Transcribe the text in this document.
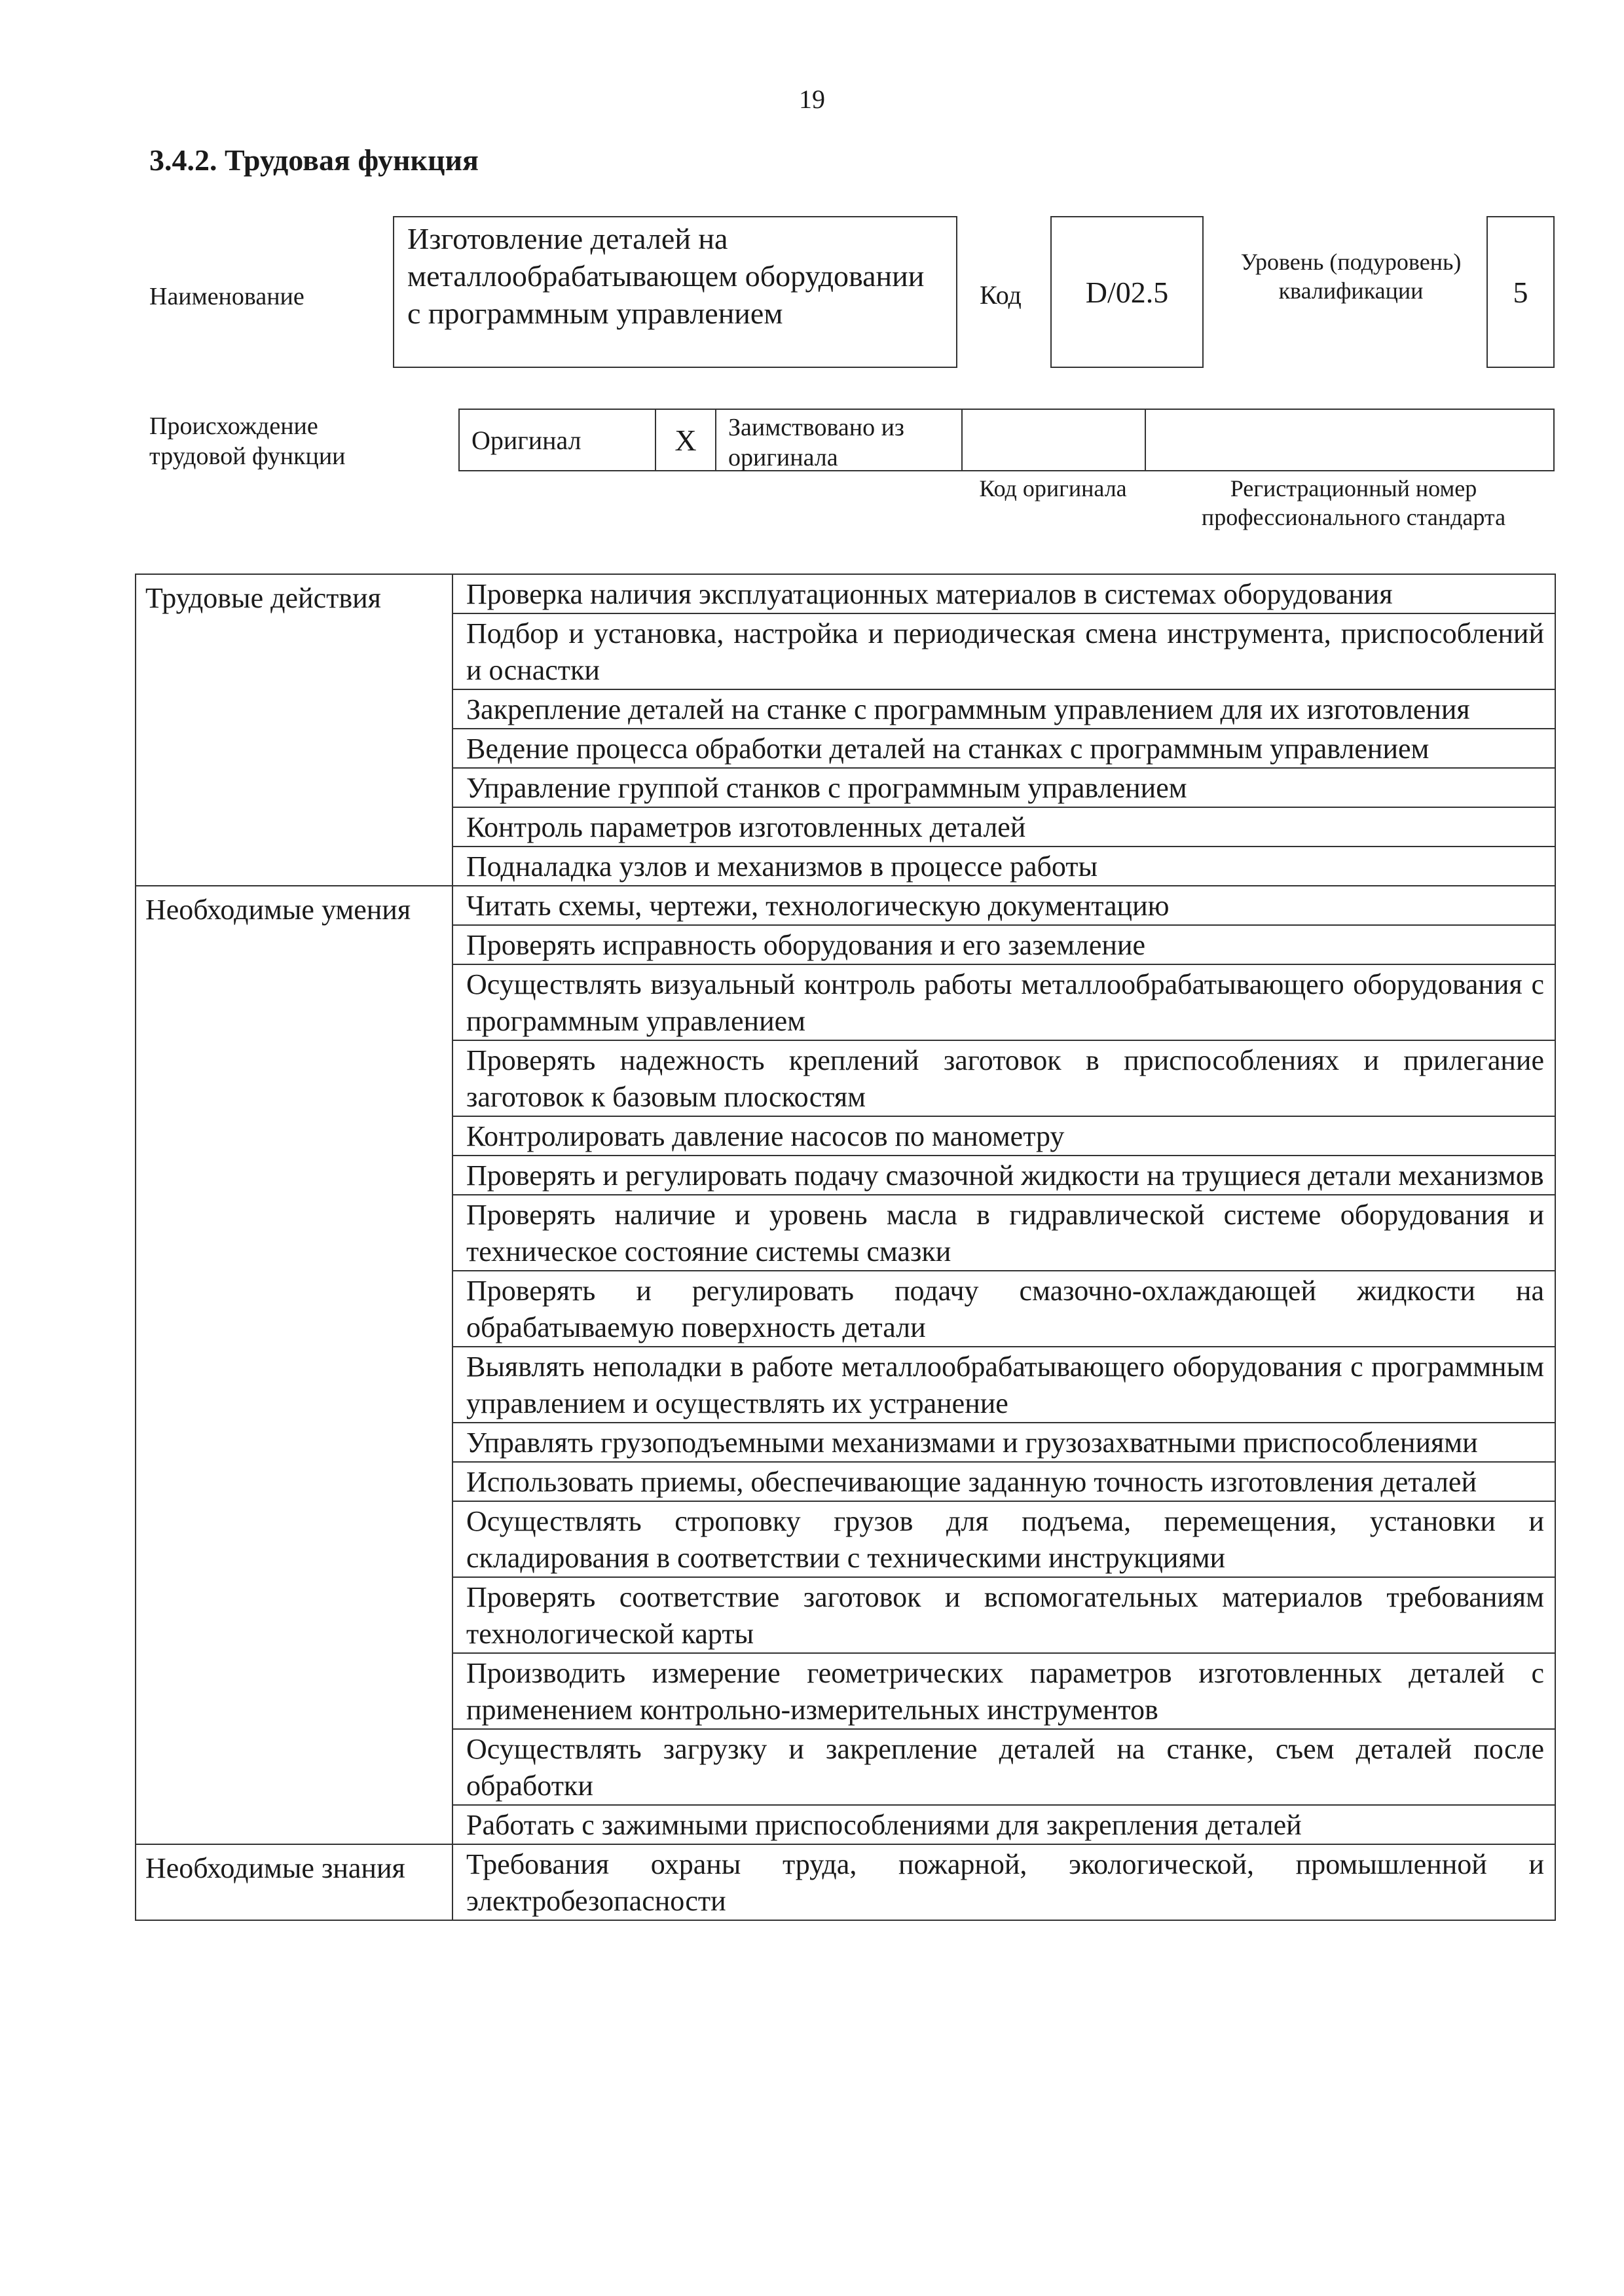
19
3.4.2. Трудовая функция
Наименование
Изготовление деталей на металлообрабатывающем оборудовании с программным управлением
Код	D/02.5
Уровень (подуровень) квалификации	5
Происхождение трудовой функции
Оригинал	X	Заимствовано из оригинала
Код оригинала	Регистрационный номер профессионального стандарта
Трудовые действия	Проверка наличия эксплуатационных материалов в системах оборудования
	Подбор и установка, настройка и периодическая смена инструмента, приспособлений и оснастки
	Закрепление деталей на станке с программным управлением для их изготовления
	Ведение процесса обработки деталей на станках с программным управлением
	Управление группой станков с программным управлением
	Контроль параметров изготовленных деталей
	Подналадка узлов и механизмов в процессе работы
Необходимые умения	Читать схемы, чертежи, технологическую документацию
	Проверять исправность оборудования и его заземление
	Осуществлять визуальный контроль работы металлообрабатывающего оборудования с программным управлением
	Проверять надежность креплений заготовок в приспособлениях и прилегание заготовок к базовым плоскостям
	Контролировать давление насосов по манометру
	Проверять и регулировать подачу смазочной жидкости на трущиеся детали механизмов
	Проверять наличие и уровень масла в гидравлической системе оборудования и техническое состояние системы смазки
	Проверять и регулировать подачу смазочно-охлаждающей жидкости на обрабатываемую поверхность детали
	Выявлять неполадки в работе металлообрабатывающего оборудования с программным управлением и осуществлять их устранение
	Управлять грузоподъемными механизмами и грузозахватными приспособлениями
	Использовать приемы, обеспечивающие заданную точность изготовления деталей
	Осуществлять строповку грузов для подъема, перемещения, установки и складирования в соответствии с техническими инструкциями
	Проверять соответствие заготовок и вспомогательных материалов требованиям технологической карты
	Производить измерение геометрических параметров изготовленных деталей с применением контрольно-измерительных инструментов
	Осуществлять загрузку и закрепление деталей на станке, съем деталей после обработки
	Работать с зажимными приспособлениями для закрепления деталей
Необходимые знания	Требования охраны труда, пожарной, экологической, промышленной и электробезопасности
